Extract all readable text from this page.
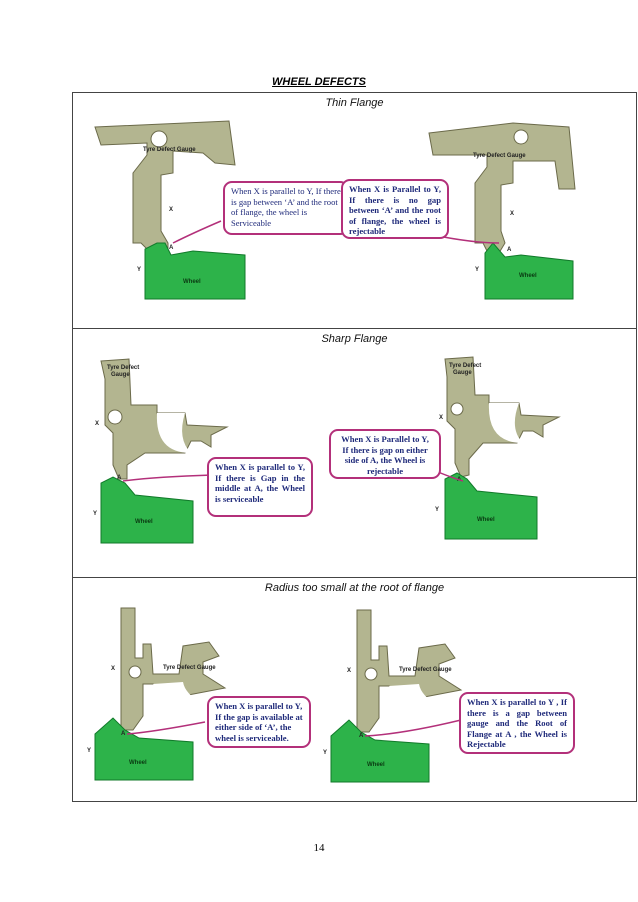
WHEEL DEFECTS
Thin Flange
Tyre Defect Gauge
Wheel
X
Y
A
Tyre Defect Gauge
Wheel
X
Y
A
When X is parallel to Y, If there is gap between ‘A’ and the root of flange, the wheel is Serviceable
When X is Parallel to Y, If there is no gap between ‘A’ and the root of flange, the wheel is rejectable
Sharp Flange
Tyre Defect
Gauge
Wheel
X
Y
A
Tyre Defect
Gauge
Wheel
X
Y
A
When X is parallel to Y, If there is Gap in the middle at A, the Wheel is serviceable
When X is Parallel to Y, If there is gap on either side of A, the Wheel is rejectable
Radius too small at the root of flange
Tyre Defect Gauge
Wheel
X
Y
A
Tyre Defect Gauge
Wheel
X
Y
A
When X is parallel to Y, If the gap is available at either side of ‘A’, the wheel is serviceable.
When X is parallel to Y , If there is a gap between gauge and the Root of Flange at A , the Wheel is Rejectable
14
